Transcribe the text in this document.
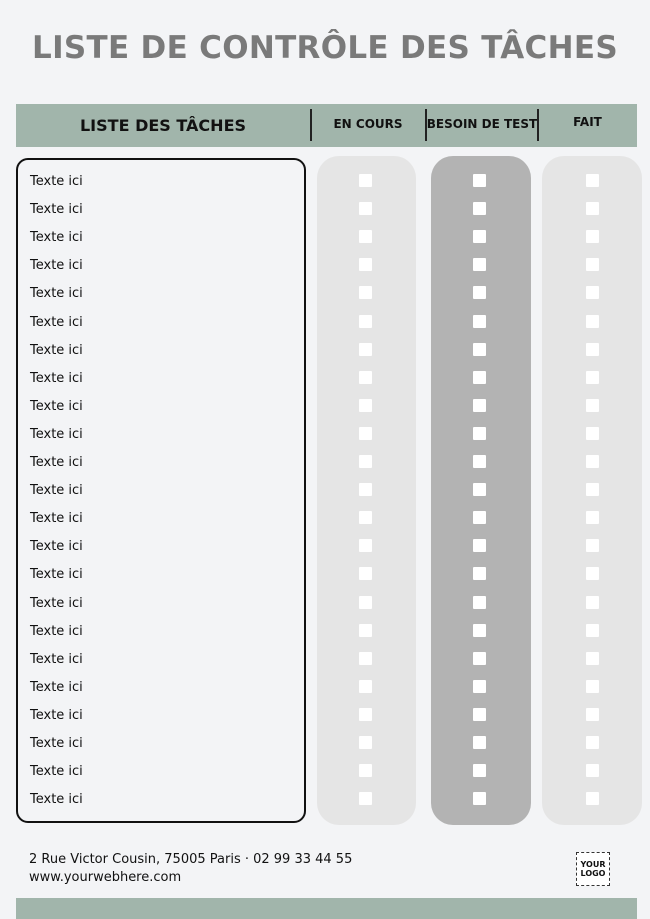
LISTE DE CONTRÔLE DES TÂCHES
LISTE DES TÂCHES	EN COURS	BESOIN DE TEST	FAIT
Texte ici
Texte ici
Texte ici
Texte ici
Texte ici
Texte ici
Texte ici
Texte ici
Texte ici
Texte ici
Texte ici
Texte ici
Texte ici
Texte ici
Texte ici
Texte ici
Texte ici
Texte ici
Texte ici
Texte ici
Texte ici
Texte ici
Texte ici
2 Rue Victor Cousin, 75005 Paris · 02 99 33 44 55
www.yourwebhere.com
YOUR
LOGO
